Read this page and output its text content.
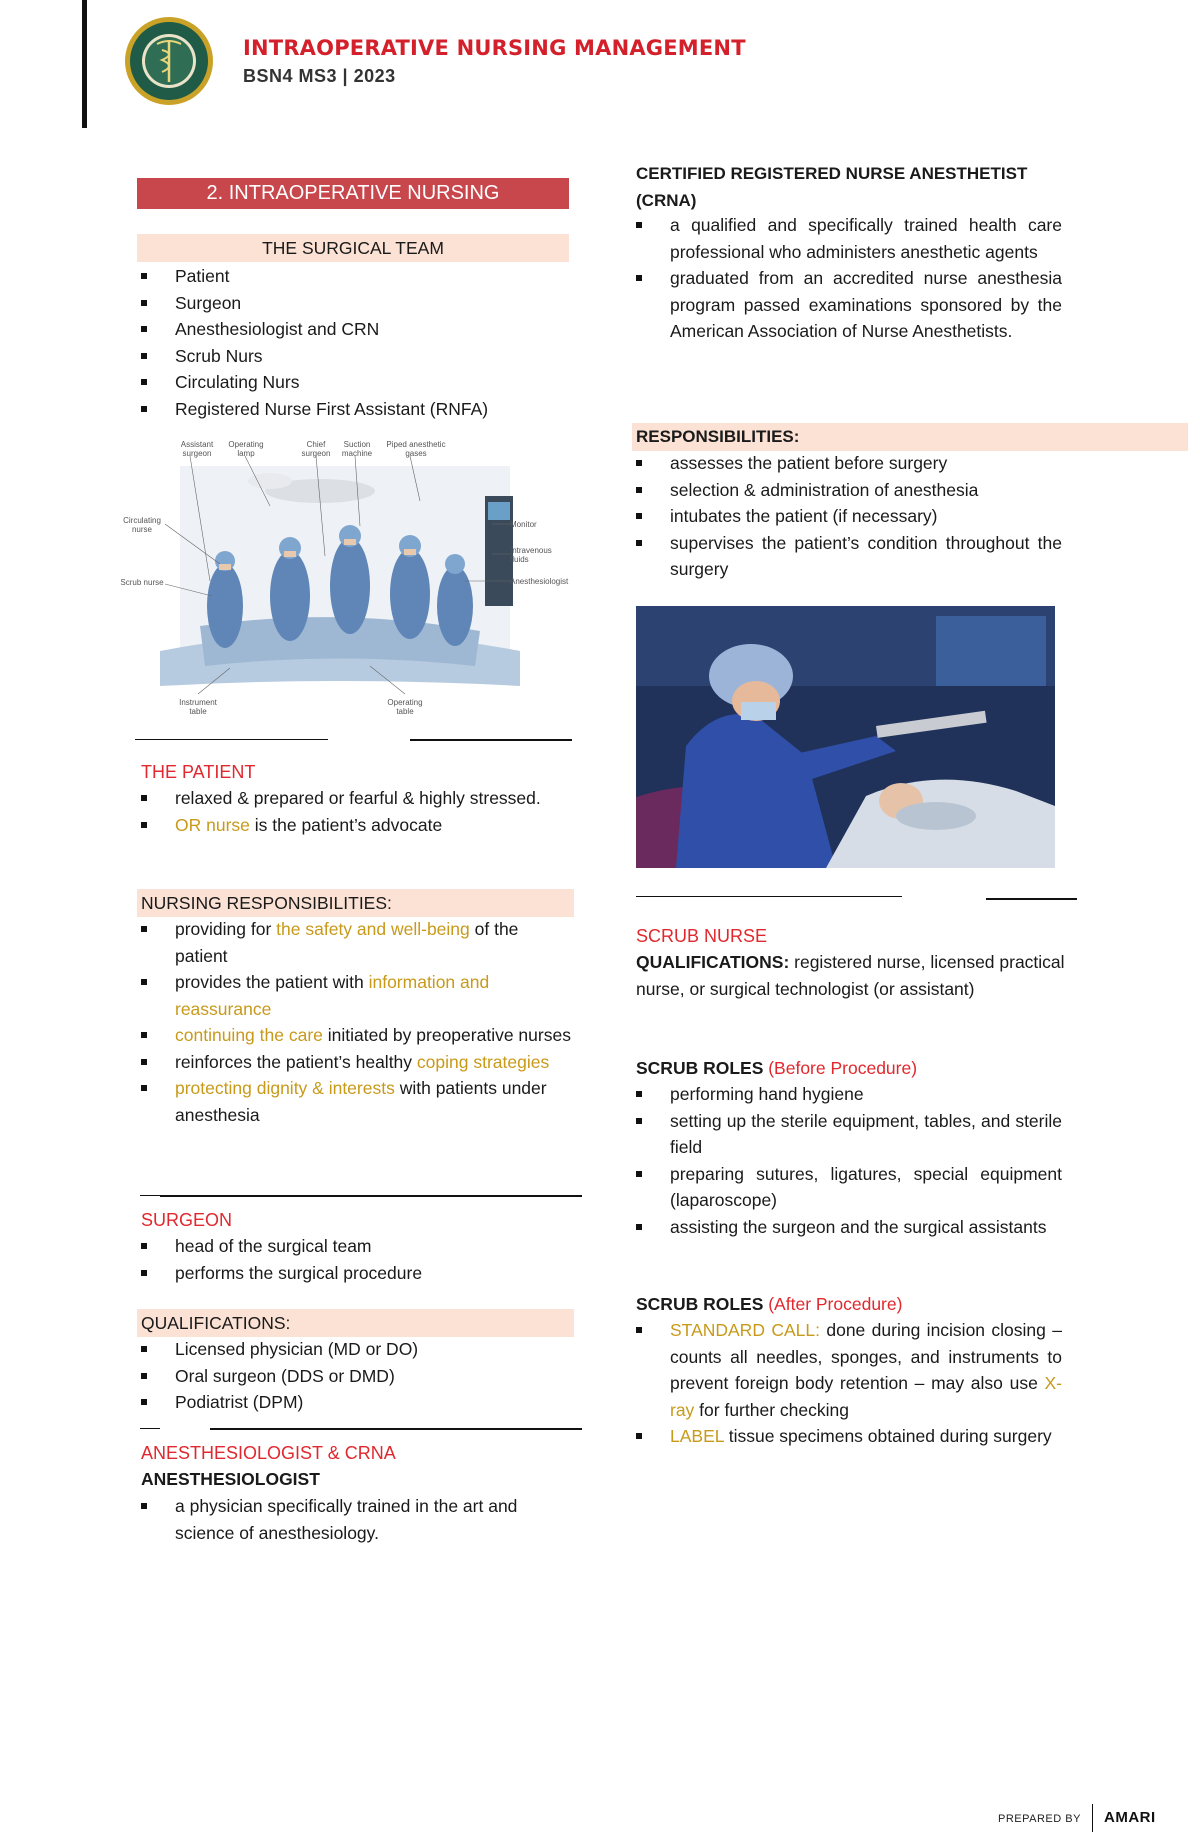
INTRAOPERATIVE NURSING MANAGEMENT
BSN4 MS3 | 2023
2. INTRAOPERATIVE NURSING
THE SURGICAL TEAM
Patient
Surgeon
Anesthesiologist and CRN
Scrub Nurs
Circulating Nurs
Registered Nurse First Assistant (RNFA)
Assistant surgeon
Operating lamp
Chief surgeon
Suction machine
Piped anesthetic gases
Circulating nurse
Monitor
Intravenous fluids
Anesthesiologist
Scrub nurse
Instrument table
Operating table
THE PATIENT
relaxed & prepared or fearful & highly stressed.
OR nurse is the patient’s advocate
NURSING RESPONSIBILITIES:
providing for the safety and well-being of the patient
provides the patient with information and reassurance
continuing the care initiated by preoperative nurses
reinforces the patient’s healthy coping strategies
protecting dignity & interests with patients under anesthesia
SURGEON
head of the surgical team
performs the surgical procedure
QUALIFICATIONS:
Licensed physician (MD or DO)
Oral surgeon (DDS or DMD)
Podiatrist (DPM)
ANESTHESIOLOGIST & CRNA
ANESTHESIOLOGIST
a physician specifically trained in the art and science of anesthesiology.
CERTIFIED REGISTERED NURSE ANESTHETIST (CRNA)
a qualified and specifically trained health care professional who administers anesthetic agents
graduated from an accredited nurse anesthesia program passed examinations sponsored by the American Association of Nurse Anesthetists.
RESPONSIBILITIES:
assesses the patient before surgery
selection & administration of anesthesia
intubates the patient (if necessary)
supervises the patient’s condition throughout the surgery
SCRUB NURSE
QUALIFICATIONS: registered nurse, licensed practical nurse, or surgical technologist (or assistant)
SCRUB ROLES (Before Procedure)
performing hand hygiene
setting up the sterile equipment, tables, and sterile field
preparing sutures, ligatures, special equipment (laparoscope)
assisting the surgeon and the surgical assistants
SCRUB ROLES (After Procedure)
STANDARD CALL: done during incision closing – counts all needles, sponges, and instruments to prevent foreign body retention – may also use X-ray for further checking
LABEL tissue specimens obtained during surgery
PREPARED BY AMARI
